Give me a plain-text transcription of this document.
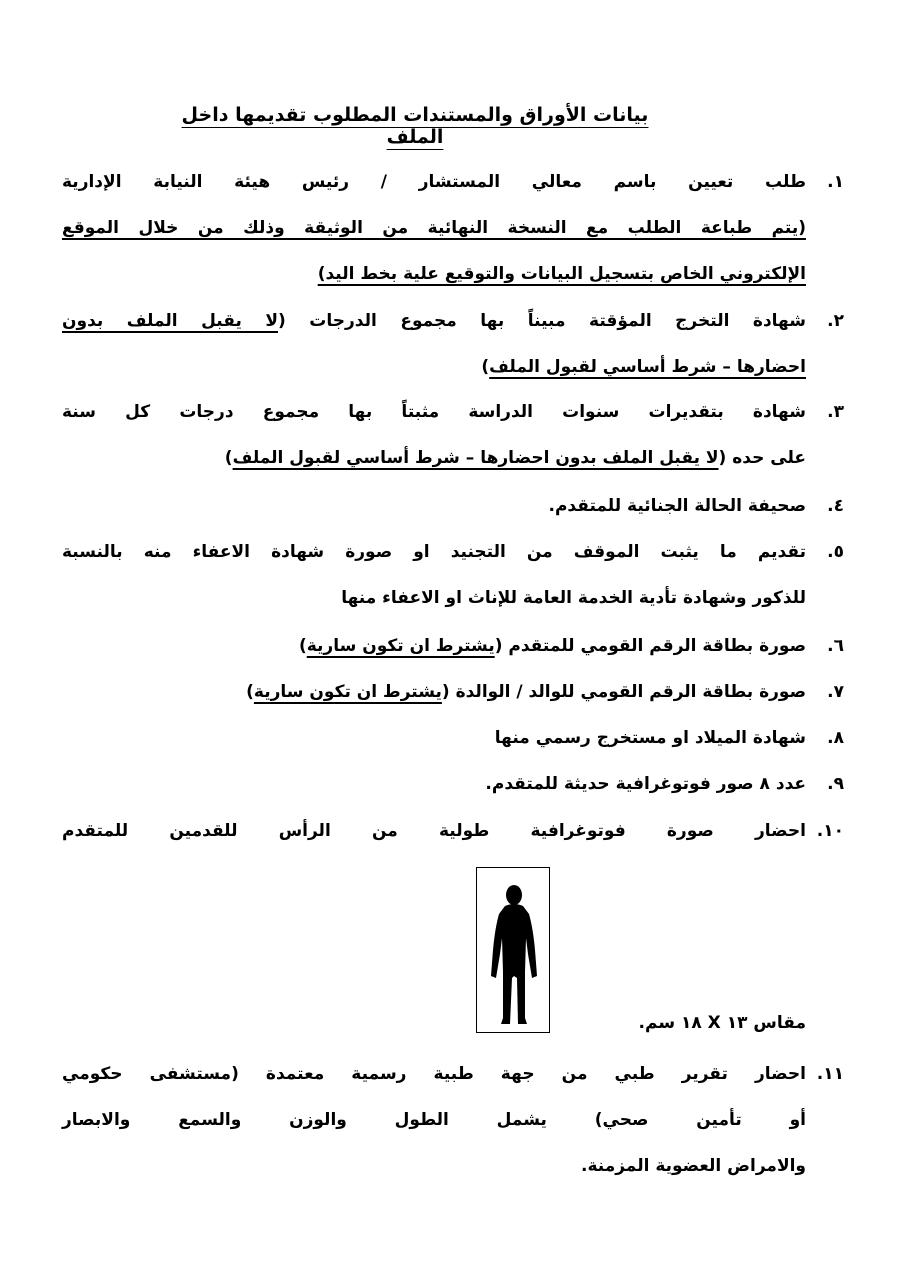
بيانات الأوراق والمستندات المطلوب تقديمها داخل الملف
١.
طلب تعيين باسم معالي المستشار / رئيس هيئة النيابة الإدارية
(يتم طباعة الطلب مع النسخة النهائية من الوثيقة وذلك من خلال الموقع
الإلكتروني الخاص بتسجيل البيانات والتوقيع علية بخط اليد)
٢.
شهادة التخرج المؤقتة مبيناً بها مجموع الدرجات (لا يقبل الملف بدون
احضارها – شرط أساسي لقبول الملف)
٣.
شهادة بتقديرات سنوات الدراسة مثبتاً بها مجموع درجات كل سنة
على حده (لا يقبل الملف بدون احضارها – شرط أساسي لقبول الملف)
٤.
صحيفة الحالة الجنائية للمتقدم.
٥.
تقديم ما يثبت الموقف من التجنيد او صورة شهادة الاعفاء منه بالنسبة
للذكور وشهادة تأدية الخدمة العامة للإناث او الاعفاء منها
٦.
صورة بطاقة الرقم القومي للمتقدم (يشترط ان تكون سارية)
٧.
صورة بطاقة الرقم القومي للوالد / الوالدة (يشترط ان تكون سارية)
٨.
شهادة الميلاد او مستخرج رسمي منها
٩.
عدد ٨ صور فوتوغرافية حديثة للمتقدم.
١٠.
احضار صورة فوتوغرافية طولية من الرأس للقدمين للمتقدم
مقاس ١٣ X ١٨ سم.
١١.
احضار تقرير طبي من جهة طبية رسمية معتمدة (مستشفى حكومي
أو تأمين صحي) يشمل الطول والوزن والسمع والابصار
والامراض العضوية المزمنة.
